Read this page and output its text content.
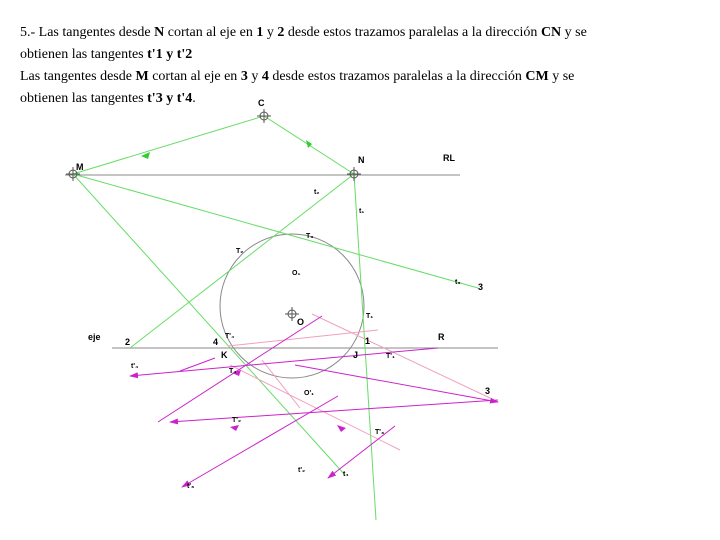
5.- Las tangentes desde N cortan al eje en 1 y 2 desde estos trazamos paralelas a la dirección CN y se
obtienen las tangentes t'1 y t'2
Las tangentes desde M cortan al eje en 3 y 4 desde estos trazamos paralelas a la dirección CM y se
obtienen las tangentes t'3 y t'4.	C
M
N	RL
t₂
t₁
T₃
T₂
O₁
t₃ 3
O
T₁
eje	2
T'₄
4	1	R
t'₄
K	J	T'₁
T₄
O'₁	3
T'₂
T'₃
t'₂
t₄
t'₃
